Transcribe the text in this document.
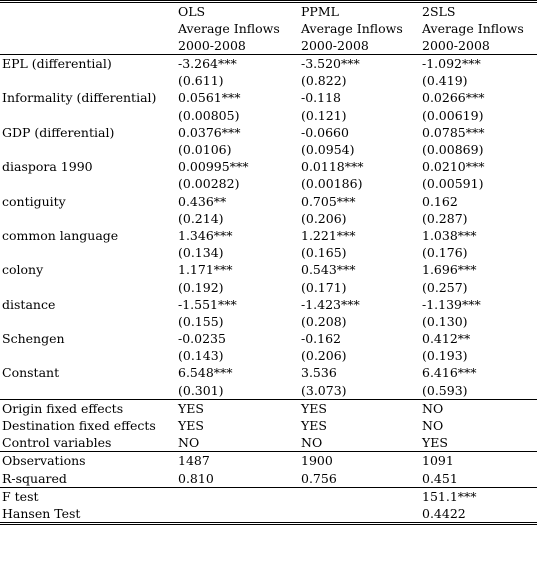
	OLS	PPML	2SLS
	Average Inflows	Average Inflows	Average Inflows
	2000-2008	2000-2008	2000-2008
EPL (differential)	-3.264***	-3.520***	-1.092***
	(0.611)	(0.822)	(0.419)
Informality (differential)	0.0561***	-0.118	0.0266***
	(0.00805)	(0.121)	(0.00619)
GDP (differential)	0.0376***	-0.0660	0.0785***
	(0.0106)	(0.0954)	(0.00869)
diaspora 1990	0.00995***	0.0118***	0.0210***
	(0.00282)	(0.00186)	(0.00591)
contiguity	0.436**	0.705***	0.162
	(0.214)	(0.206)	(0.287)
common language	1.346***	1.221***	1.038***
	(0.134)	(0.165)	(0.176)
colony	1.171***	0.543***	1.696***
	(0.192)	(0.171)	(0.257)
distance	-1.551***	-1.423***	-1.139***
	(0.155)	(0.208)	(0.130)
Schengen	-0.0235	-0.162	0.412**
	(0.143)	(0.206)	(0.193)
Constant	6.548***	3.536	6.416***
	(0.301)	(3.073)	(0.593)
Origin fixed effects	YES	YES	NO
Destination fixed effects	YES	YES	NO
Control variables	NO	NO	YES
Observations	1487	1900	1091
R-squared	0.810	0.756	0.451
F test			151.1***
Hansen Test			0.4422
